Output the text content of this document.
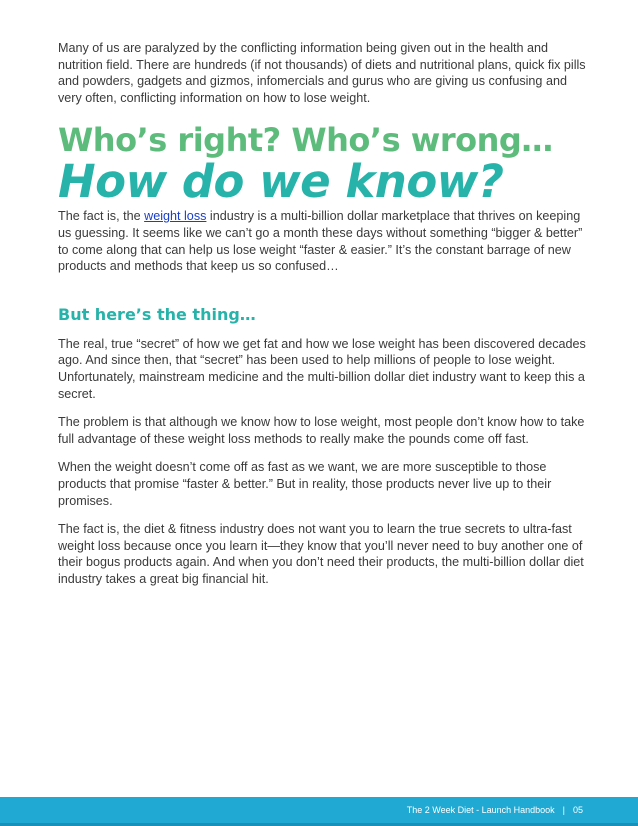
Many of us are paralyzed by the conflicting information being given out in the health and nutrition field. There are hundreds (if not thousands) of diets and nutritional plans, quick fix pills and powders, gadgets and gizmos, infomercials and gurus who are giving us confusing and very often, conflicting information on how to lose weight.

Who’s right? Who’s wrong…
How do we know?

The fact is, the weight loss industry is a multi-billion dollar marketplace that thrives on keeping us guessing. It seems like we can’t go a month these days without something “bigger & better” to come along that can help us lose weight “faster & easier.” It’s the constant barrage of new products and methods that keep us so confused…

But here’s the thing…

The real, true “secret” of how we get fat and how we lose weight has been discovered decades ago. And since then, that “secret” has been used to help millions of people to lose weight. Unfortunately, mainstream medicine and the multi-billion dollar diet industry want to keep this a secret.

The problem is that although we know how to lose weight, most people don’t know how to take full advantage of these weight loss methods to really make the pounds come off fast.

When the weight doesn’t come off as fast as we want, we are more susceptible to those products that promise “faster & better.” But in reality, those products never live up to their promises.

The fact is, the diet & fitness industry does not want you to learn the true secrets to ultra-fast weight loss because once you learn it—they know that you’ll never need to buy another one of their bogus products again. And when you don’t need their products, the multi-billion dollar diet industry takes a great big financial hit.

The 2 Week Diet - Launch Handbook | 05
